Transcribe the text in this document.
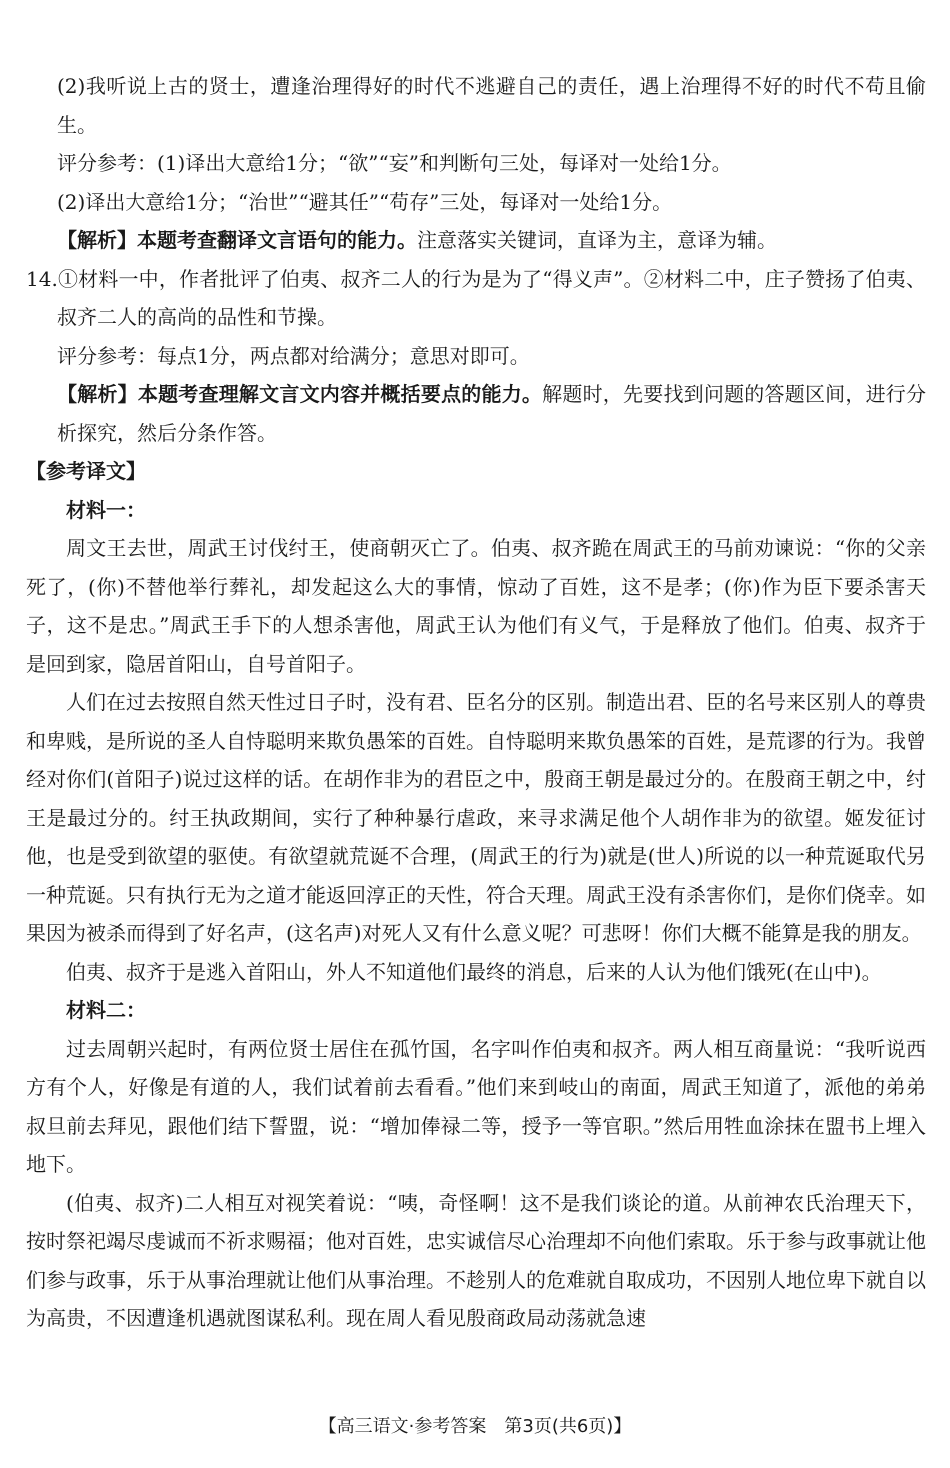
(2)我听说上古的贤士，遭逢治理得好的时代不逃避自己的责任，遇上治理得不好的时代不苟且偷生。

评分参考：(1)译出大意给1分；“欲”“妄”和判断句三处，每译对一处给1分。

(2)译出大意给1分；“治世”“避其任”“苟存”三处，每译对一处给1分。

【解析】本题考查翻译文言语句的能力。注意落实关键词，直译为主，意译为辅。

14.①材料一中，作者批评了伯夷、叔齐二人的行为是为了“得义声”。②材料二中，庄子赞扬了伯夷、叔齐二人的高尚的品性和节操。

评分参考：每点1分，两点都对给满分；意思对即可。

【解析】本题考查理解文言文内容并概括要点的能力。解题时，先要找到问题的答题区间，进行分析探究，然后分条作答。

【参考译文】

材料一：

周文王去世，周武王讨伐纣王，使商朝灭亡了。伯夷、叔齐跪在周武王的马前劝谏说：“你的父亲死了，(你)不替他举行葬礼，却发起这么大的事情，惊动了百姓，这不是孝；(你)作为臣下要杀害天子，这不是忠。”周武王手下的人想杀害他，周武王认为他们有义气，于是释放了他们。伯夷、叔齐于是回到家，隐居首阳山，自号首阳子。

人们在过去按照自然天性过日子时，没有君、臣名分的区别。制造出君、臣的名号来区别人的尊贵和卑贱，是所说的圣人自恃聪明来欺负愚笨的百姓。自恃聪明来欺负愚笨的百姓，是荒谬的行为。我曾经对你们(首阳子)说过这样的话。在胡作非为的君臣之中，殷商王朝是最过分的。在殷商王朝之中，纣王是最过分的。纣王执政期间，实行了种种暴行虐政，来寻求满足他个人胡作非为的欲望。姬发征讨他，也是受到欲望的驱使。有欲望就荒诞不合理，(周武王的行为)就是(世人)所说的以一种荒诞取代另一种荒诞。只有执行无为之道才能返回淳正的天性，符合天理。周武王没有杀害你们，是你们侥幸。如果因为被杀而得到了好名声，(这名声)对死人又有什么意义呢？可悲呀！你们大概不能算是我的朋友。

伯夷、叔齐于是逃入首阳山，外人不知道他们最终的消息，后来的人认为他们饿死(在山中)。

材料二：

过去周朝兴起时，有两位贤士居住在孤竹国，名字叫作伯夷和叔齐。两人相互商量说：“我听说西方有个人，好像是有道的人，我们试着前去看看。”他们来到岐山的南面，周武王知道了，派他的弟弟叔旦前去拜见，跟他们结下誓盟，说：“增加俸禄二等，授予一等官职。”然后用牲血涂抹在盟书上埋入地下。

(伯夷、叔齐)二人相互对视笑着说：“咦，奇怪啊！这不是我们谈论的道。从前神农氏治理天下，按时祭祀竭尽虔诚而不祈求赐福；他对百姓，忠实诚信尽心治理却不向他们索取。乐于参与政事就让他们参与政事，乐于从事治理就让他们从事治理。不趁别人的危难就自取成功，不因别人地位卑下就自以为高贵，不因遭逢机遇就图谋私利。现在周人看见殷商政局动荡就急速

【高三语文·参考答案　第3页(共6页)】
